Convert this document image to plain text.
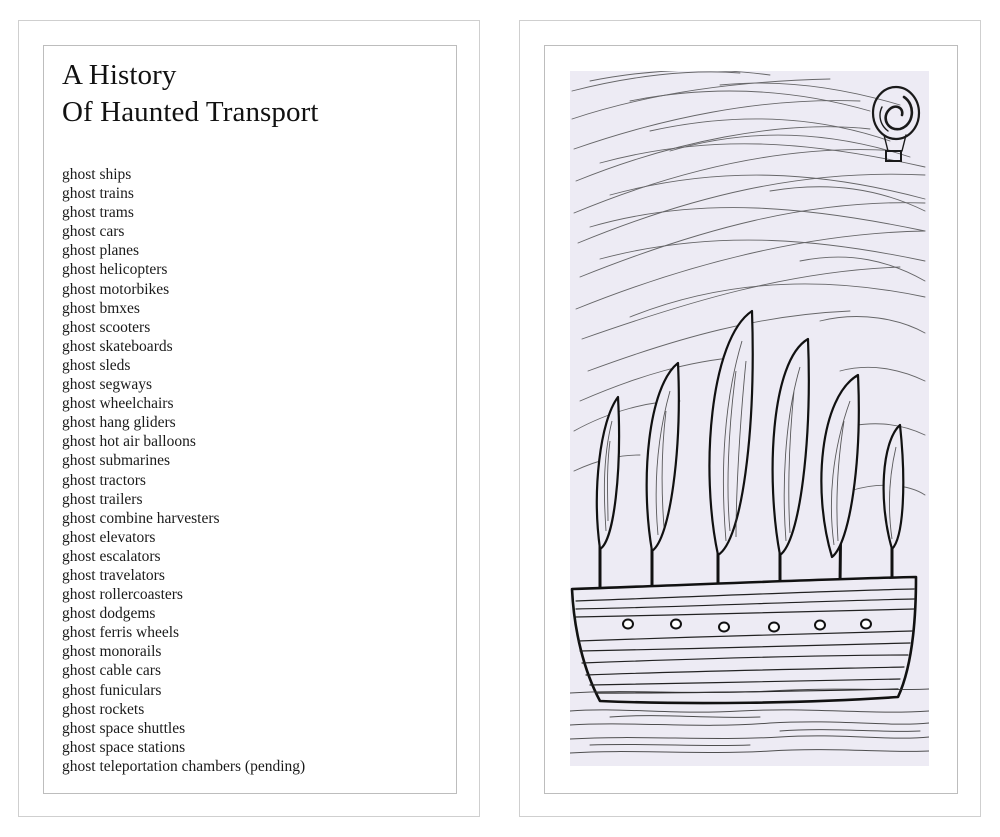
A History
Of Haunted Transport
ghost ships
ghost trains
ghost trams
ghost cars
ghost planes
ghost helicopters
ghost motorbikes
ghost bmxes
ghost scooters
ghost skateboards
ghost sleds
ghost segways
ghost wheelchairs
ghost hang gliders
ghost hot air balloons
ghost submarines
ghost tractors
ghost trailers
ghost combine harvesters
ghost elevators
ghost escalators
ghost travelators
ghost rollercoasters
ghost dodgems
ghost ferris wheels
ghost monorails
ghost cable cars
ghost funiculars
ghost rockets
ghost space shuttles
ghost space stations
ghost teleportation chambers (pending)
